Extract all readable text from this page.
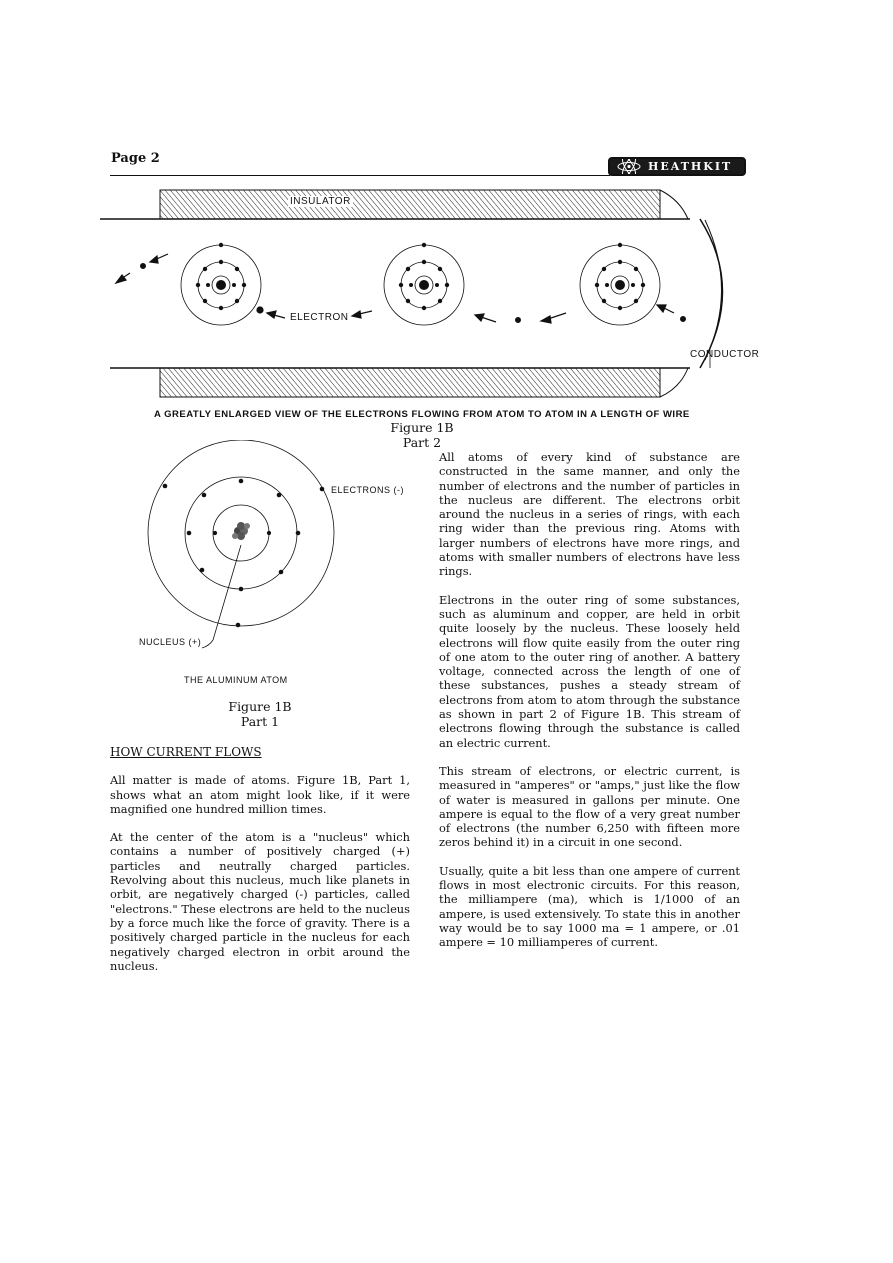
Page 2
HEATHKIT
INSULATOR
ELECTRON
CONDUCTOR
A GREATLY ENLARGED VIEW OF THE ELECTRONS FLOWING FROM ATOM TO ATOM IN A LENGTH OF WIRE
Figure 1B
Part 2
ELECTRONS (-)
NUCLEUS (+)
THE ALUMINUM ATOM
Figure 1B
Part 1
HOW CURRENT FLOWS

All matter is made of atoms. Figure 1B, Part 1, shows what an atom might look like, if it were magnified one hundred million times.

At the center of the atom is a "nucleus" which contains a number of positively charged (+) particles and neutrally charged particles. Revolving about this nucleus, much like planets in orbit, are negatively charged (-) particles, called "electrons." These electrons are held to the nucleus by a force much like the force of gravity. There is a positively charged particle in the nucleus for each negatively charged electron in orbit around the nucleus.

All atoms of every kind of substance are constructed in the same manner, and only the number of electrons and the number of particles in the nucleus are different. The electrons orbit around the nucleus in a series of rings, with each ring wider than the previous ring. Atoms with larger numbers of electrons have more rings, and atoms with smaller numbers of electrons have less rings.

Electrons in the outer ring of some substances, such as aluminum and copper, are held in orbit quite loosely by the nucleus. These loosely held electrons will flow quite easily from the outer ring of one atom to the outer ring of another. A battery voltage, connected across the length of one of these substances, pushes a steady stream of electrons from atom to atom through the substance as shown in part 2 of Figure 1B. This stream of electrons flowing through the substance is called an electric current.

This stream of electrons, or electric current, is measured in "amperes" or "amps," just like the flow of water is measured in gallons per minute. One ampere is equal to the flow of a very great number of electrons (the number 6,250 with fifteen more zeros behind it) in a circuit in one second.

Usually, quite a bit less than one ampere of current flows in most electronic circuits. For this reason, the milliampere (ma), which is 1/1000 of an ampere, is used extensively. To state this in another way would be to say 1000 ma = 1 ampere, or .01 ampere = 10 milliamperes of current.
